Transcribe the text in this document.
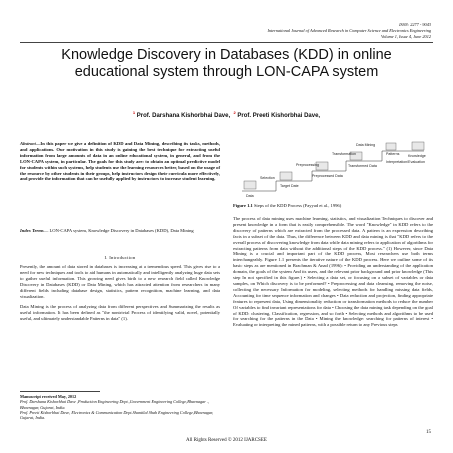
ISSN: 2277 - 9043
International Journal of Advanced Research in Computer Science and Electronics Engineering
Volume 1, Issue 4, June 2012
Knowledge Discovery in Databases (KDD) in online educational system through LON-CAPA system
$^1$ Prof. Darshana Kishorbhai Dave,  $^2$ Prof. Preeti Kishorbhai Dave,

Abstract—In this paper we give a definition of KDD and Data Mining, describing its tasks, methods, and applications. Our motivation in this study is gaining the best technique for extracting useful information from large amounts of data in an online educational system, in general, and from the LON-CAPA system, in particular. The goals for this study are: to obtain an optimal predictive model for students within such systems, help students use the learning resources better, based on the usage of the resource by other students in their groups, help instructors design their curricula more effectively, and provide the information that can be usefully applied by instructors to increase student learning.

Index Terms— LON-CAPA system, Knowledge Discovery in Databases (KDD), Data Mining

I. Introduction

Presently, the amount of data stored in databases is increasing at a tremendous speed. This gives rise to a need for new techniques and tools to aid humans in automatically and intelligently analyzing huge data sets to gather useful information. This growing need gives birth to a new research field called Knowledge Discovery in Databases (KDD) or Data Mining, which has attracted attention from researchers in many different fields including database design, statistics, pattern recognition, machine learning, and data visualization.

Data Mining is the process of analyzing data from different perspectives and Summarizing the results as useful information. It has been defined as "the nontrivial Process of identifying valid, novel, potentially useful, and ultimately understandable Patterns in data" (1).

Interpretation/Evaluation
Data Mining
Transformation
Preprocessing
Selection
Data
Target Date
Preprocessed Data
Transformed Data
Patterns Knowledge
Figure 1.1 Steps of the KDD Process (Fayyad et al., 1996)

The process of data mining uses machine learning, statistics, and visualization Techniques to discover and present knowledge in a form that is easily comprehensible. The word "Knowledge" in KDD refers to the discovery of patterns which are extracted from the processed data. A pattern is an expression describing facts in a subset of the data. Thus, the difference between KDD and data mining is that "KDD refers to the overall process of discovering knowledge from data while data mining refers to application of algorithms for extracting patterns from data without the additional steps of the KDD process." (1) However, since Data Mining is a crucial and important part of the KDD process, Most researchers use both terms interchangeably. Figure 1.1 presents the iterative nature of the KDD process. Here we outline some of its basic steps as are mentioned in Brachman & Anad (1996): • Providing an understanding of the application domain, the goals of the system And its users, and the relevant prior background and prior knowledge (This step In not specified in this figure.) • Selecting a data set, or focusing on a subset of variables or data samples, on Which discovery is to be performed? • Preprocessing and data cleansing, removing the noise, collecting the necessary Information for modeling, selecting methods for handling missing data fields, Accounting for time sequence information and changes • Data reduction and projection, finding appropriate features to represent data, Using dimensionality reduction or transformation methods to reduce the number Of variables to find invariant representations for data • Choosing the data mining task depending on the goal of KDD: clustering, Classification, regression, and so forth • Selecting methods and algorithms to be used for searching for the patterns in the Data • Mining the knowledge: searching for patterns of interest • Evaluating or interpreting the mined patterns, with a possible return to any Previous steps

Manuscript received May, 2012
Prof. Darshana Kishorbhai Dave ,Production Engineering Dept.,Government Engineering College,Bhavnagar ., Bhavnagar, Gujarat, India.
Prof. Preeti Kishorbhai Dave, Electronics & Communication Dept.Shantilal Shah Engineering College,Bhavnagar, Gujarat, India.
15
All Rights Reserved © 2012 IJARCSEE
